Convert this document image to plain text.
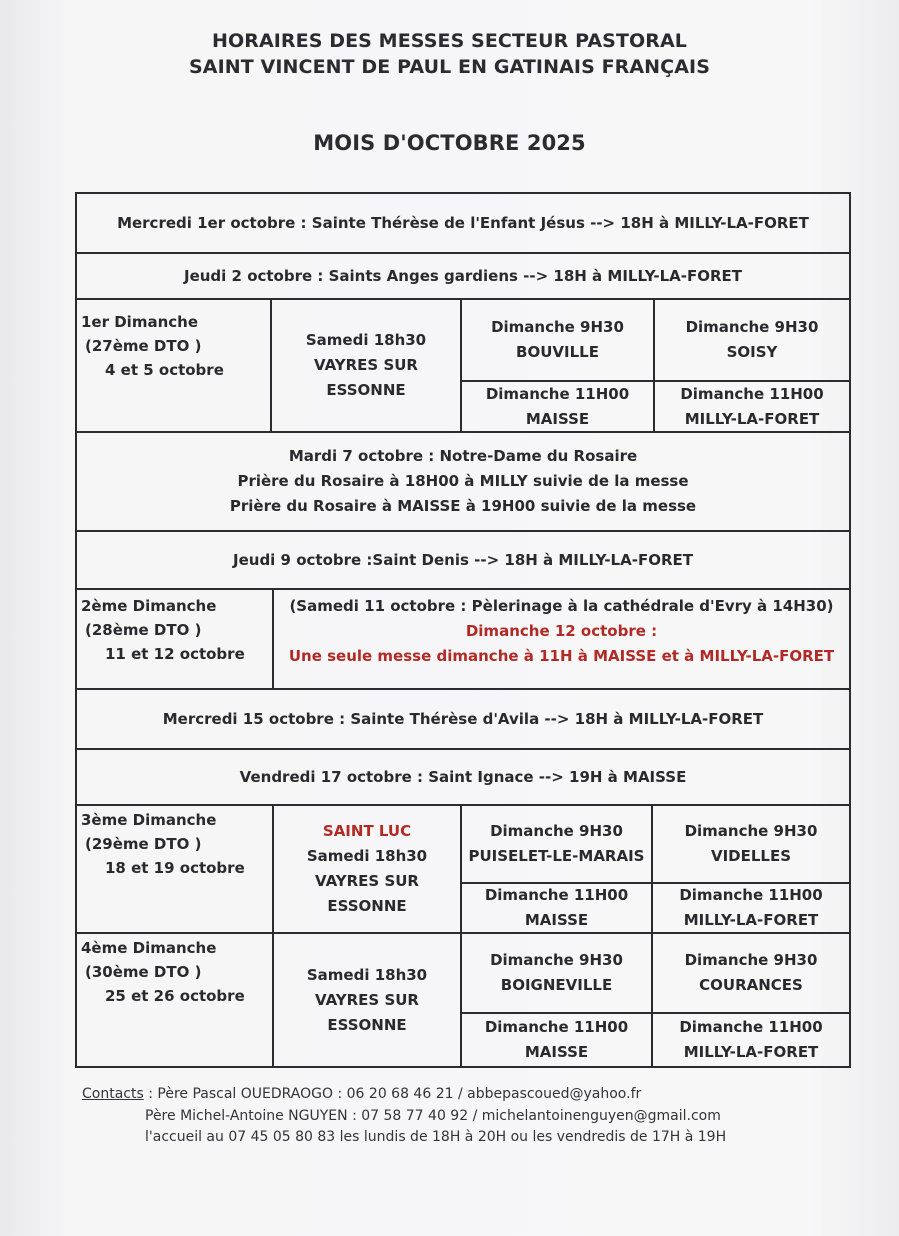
HORAIRES DES MESSES SECTEUR PASTORAL
SAINT VINCENT DE PAUL EN GATINAIS FRANÇAIS
MOIS D'OCTOBRE 2025
Mercredi 1er octobre : Sainte Thérèse de l'Enfant Jésus --> 18H à MILLY-LA-FORET
Jeudi 2 octobre : Saints Anges gardiens --> 18H à MILLY-LA-FORET
1er Dimanche
(27ème DTO )
4 et 5 octobre
Samedi 18h30
VAYRES SUR ESSONNE
Dimanche 9H30
BOUVILLE
Dimanche 11H00
MAISSE
Dimanche 9H30
SOISY
Dimanche 11H00
MILLY-LA-FORET
Mardi 7 octobre : Notre-Dame du Rosaire
Prière du Rosaire à 18H00 à MILLY suivie de la messe
Prière du Rosaire à MAISSE à 19H00 suivie de la messe
Jeudi 9 octobre :Saint Denis --> 18H à MILLY-LA-FORET
2ème Dimanche
(28ème DTO )
11 et 12 octobre
(Samedi 11 octobre : Pèlerinage à la cathédrale d'Evry à 14H30)
Dimanche 12 octobre :
Une seule messe dimanche à 11H à MAISSE et à MILLY-LA-FORET
Mercredi 15 octobre : Sainte Thérèse d'Avila --> 18H à MILLY-LA-FORET
Vendredi 17 octobre : Saint Ignace --> 19H à MAISSE
3ème Dimanche
(29ème DTO )
18 et 19 octobre
SAINT LUC
Samedi 18h30
VAYRES SUR ESSONNE
Dimanche 9H30
PUISELET-LE-MARAIS
Dimanche 11H00
MAISSE
Dimanche 9H30
VIDELLES
Dimanche 11H00
MILLY-LA-FORET
4ème Dimanche
(30ème DTO )
25 et 26 octobre
Samedi 18h30
VAYRES SUR ESSONNE
Dimanche 9H30
BOIGNEVILLE
Dimanche 11H00
MAISSE
Dimanche 9H30
COURANCES
Dimanche 11H00
MILLY-LA-FORET
Contacts : Père Pascal OUEDRAOGO : 06 20 68 46 21 / abbepascoued@yahoo.fr
Père Michel-Antoine NGUYEN : 07 58 77 40 92 / michelantoinenguyen@gmail.com
l'accueil au 07 45 05 80 83 les lundis de 18H à 20H ou les vendredis de 17H à 19H
